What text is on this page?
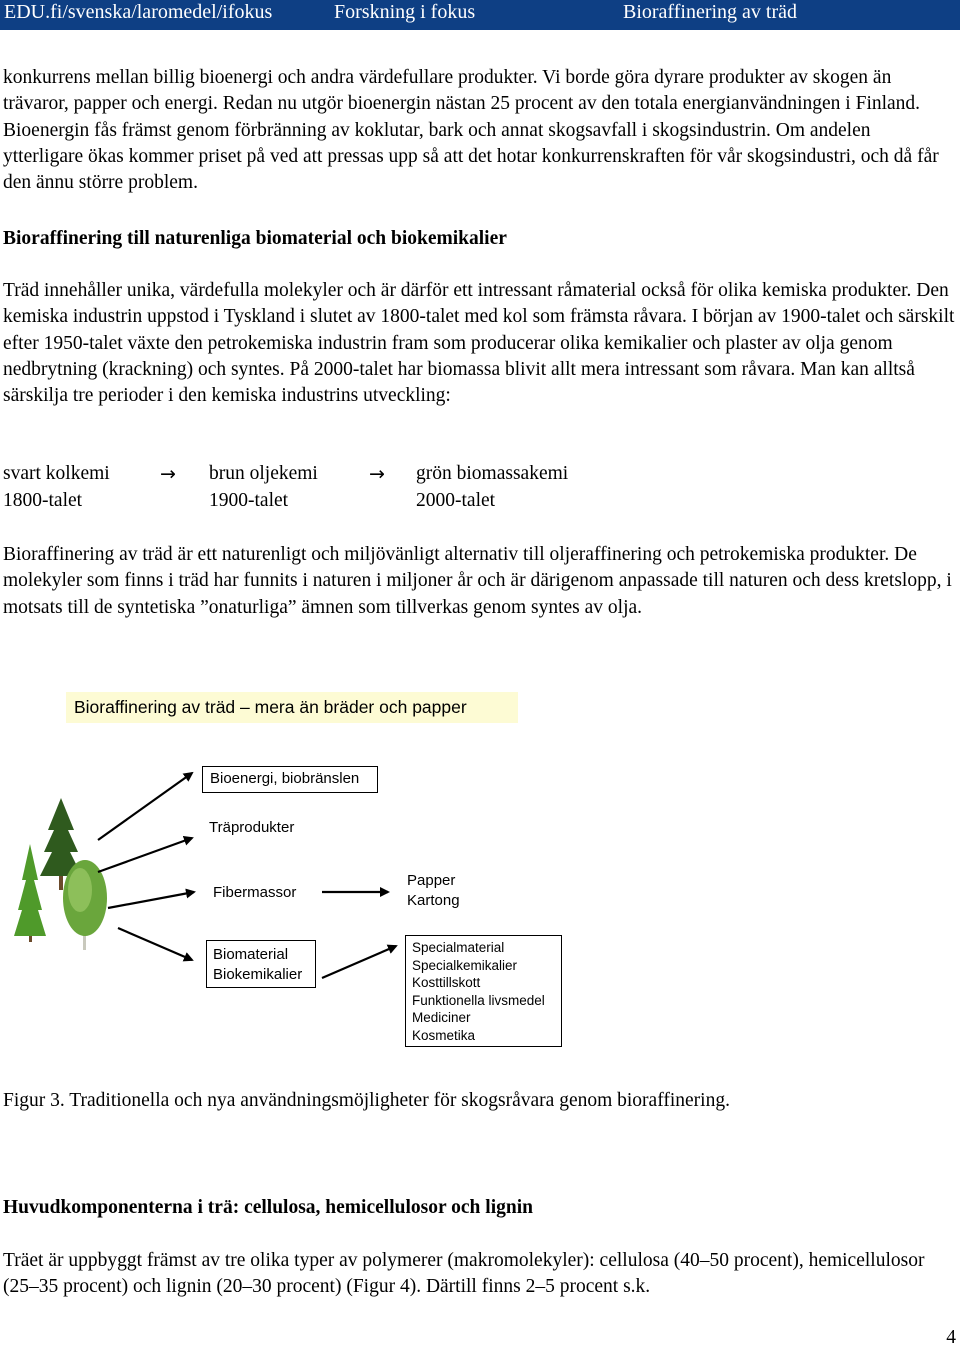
EDU.fi/svenska/laromedel/ifokus	Forskning i fokus	Bioraffinering av träd

konkurrens mellan billig bioenergi och andra värdefullare produkter. Vi borde göra dyrare produkter av skogen än trävaror, papper och energi. Redan nu utgör bioenergin nästan 25 procent av den totala energianvändningen i Finland. Bioenergin fås främst genom förbränning av koklutar, bark och annat skogsavfall i skogsindustrin. Om andelen ytterligare ökas kommer priset på ved att pressas upp så att det hotar konkurrenskraften för vår skogsindustri, och då får den ännu större problem.

Bioraffinering till naturenliga biomaterial och biokemikalier

Träd innehåller unika, värdefulla molekyler och är därför ett intressant råmaterial också för olika kemiska produkter. Den kemiska industrin uppstod i Tyskland i slutet av 1800-talet med kol som främsta råvara. I början av 1900-talet och särskilt efter 1950-talet växte den petrokemiska industrin fram som producerar olika kemikalier och plaster av olja genom nedbrytning (krackning) och syntes. På 2000-talet har biomassa blivit allt mera intressant som råvara. Man kan alltså särskilja tre perioder i den kemiska industrins utveckling:

svart kolkemi	→ brun oljekemi	→ grön biomassakemi
1800-talet	1900-talet	2000-talet

Bioraffinering av träd är ett naturenligt och miljövänligt alternativ till oljeraffinering och petrokemiska produkter. De molekyler som finns i träd har funnits i naturen i miljoner år och är därigenom anpassade till naturen och dess kretslopp, i motsats till de syntetiska ”onaturliga” ämnen som tillverkas genom syntes av olja.

Bioraffinering av träd – mera än bräder och papper
Bioenergi, biobränslen
Träprodukter
Fibermassor
Papper
Kartong
Biomaterial
Biokemikalier
Specialmaterial
Specialkemikalier
Kosttillskott
Funktionella livsmedel
Mediciner
Kosmetika
Figur 3. Traditionella och nya användningsmöjligheter för skogsråvara genom bioraffinering.

Huvudkomponenterna i trä: cellulosa, hemicellulosor och lignin

Träet är uppbyggt främst av tre olika typer av polymerer (makromolekyler): cellulosa (40–50 procent), hemicellulosor (25–35 procent) och lignin (20–30 procent) (Figur 4). Därtill finns 2–5 procent s.k.

4
